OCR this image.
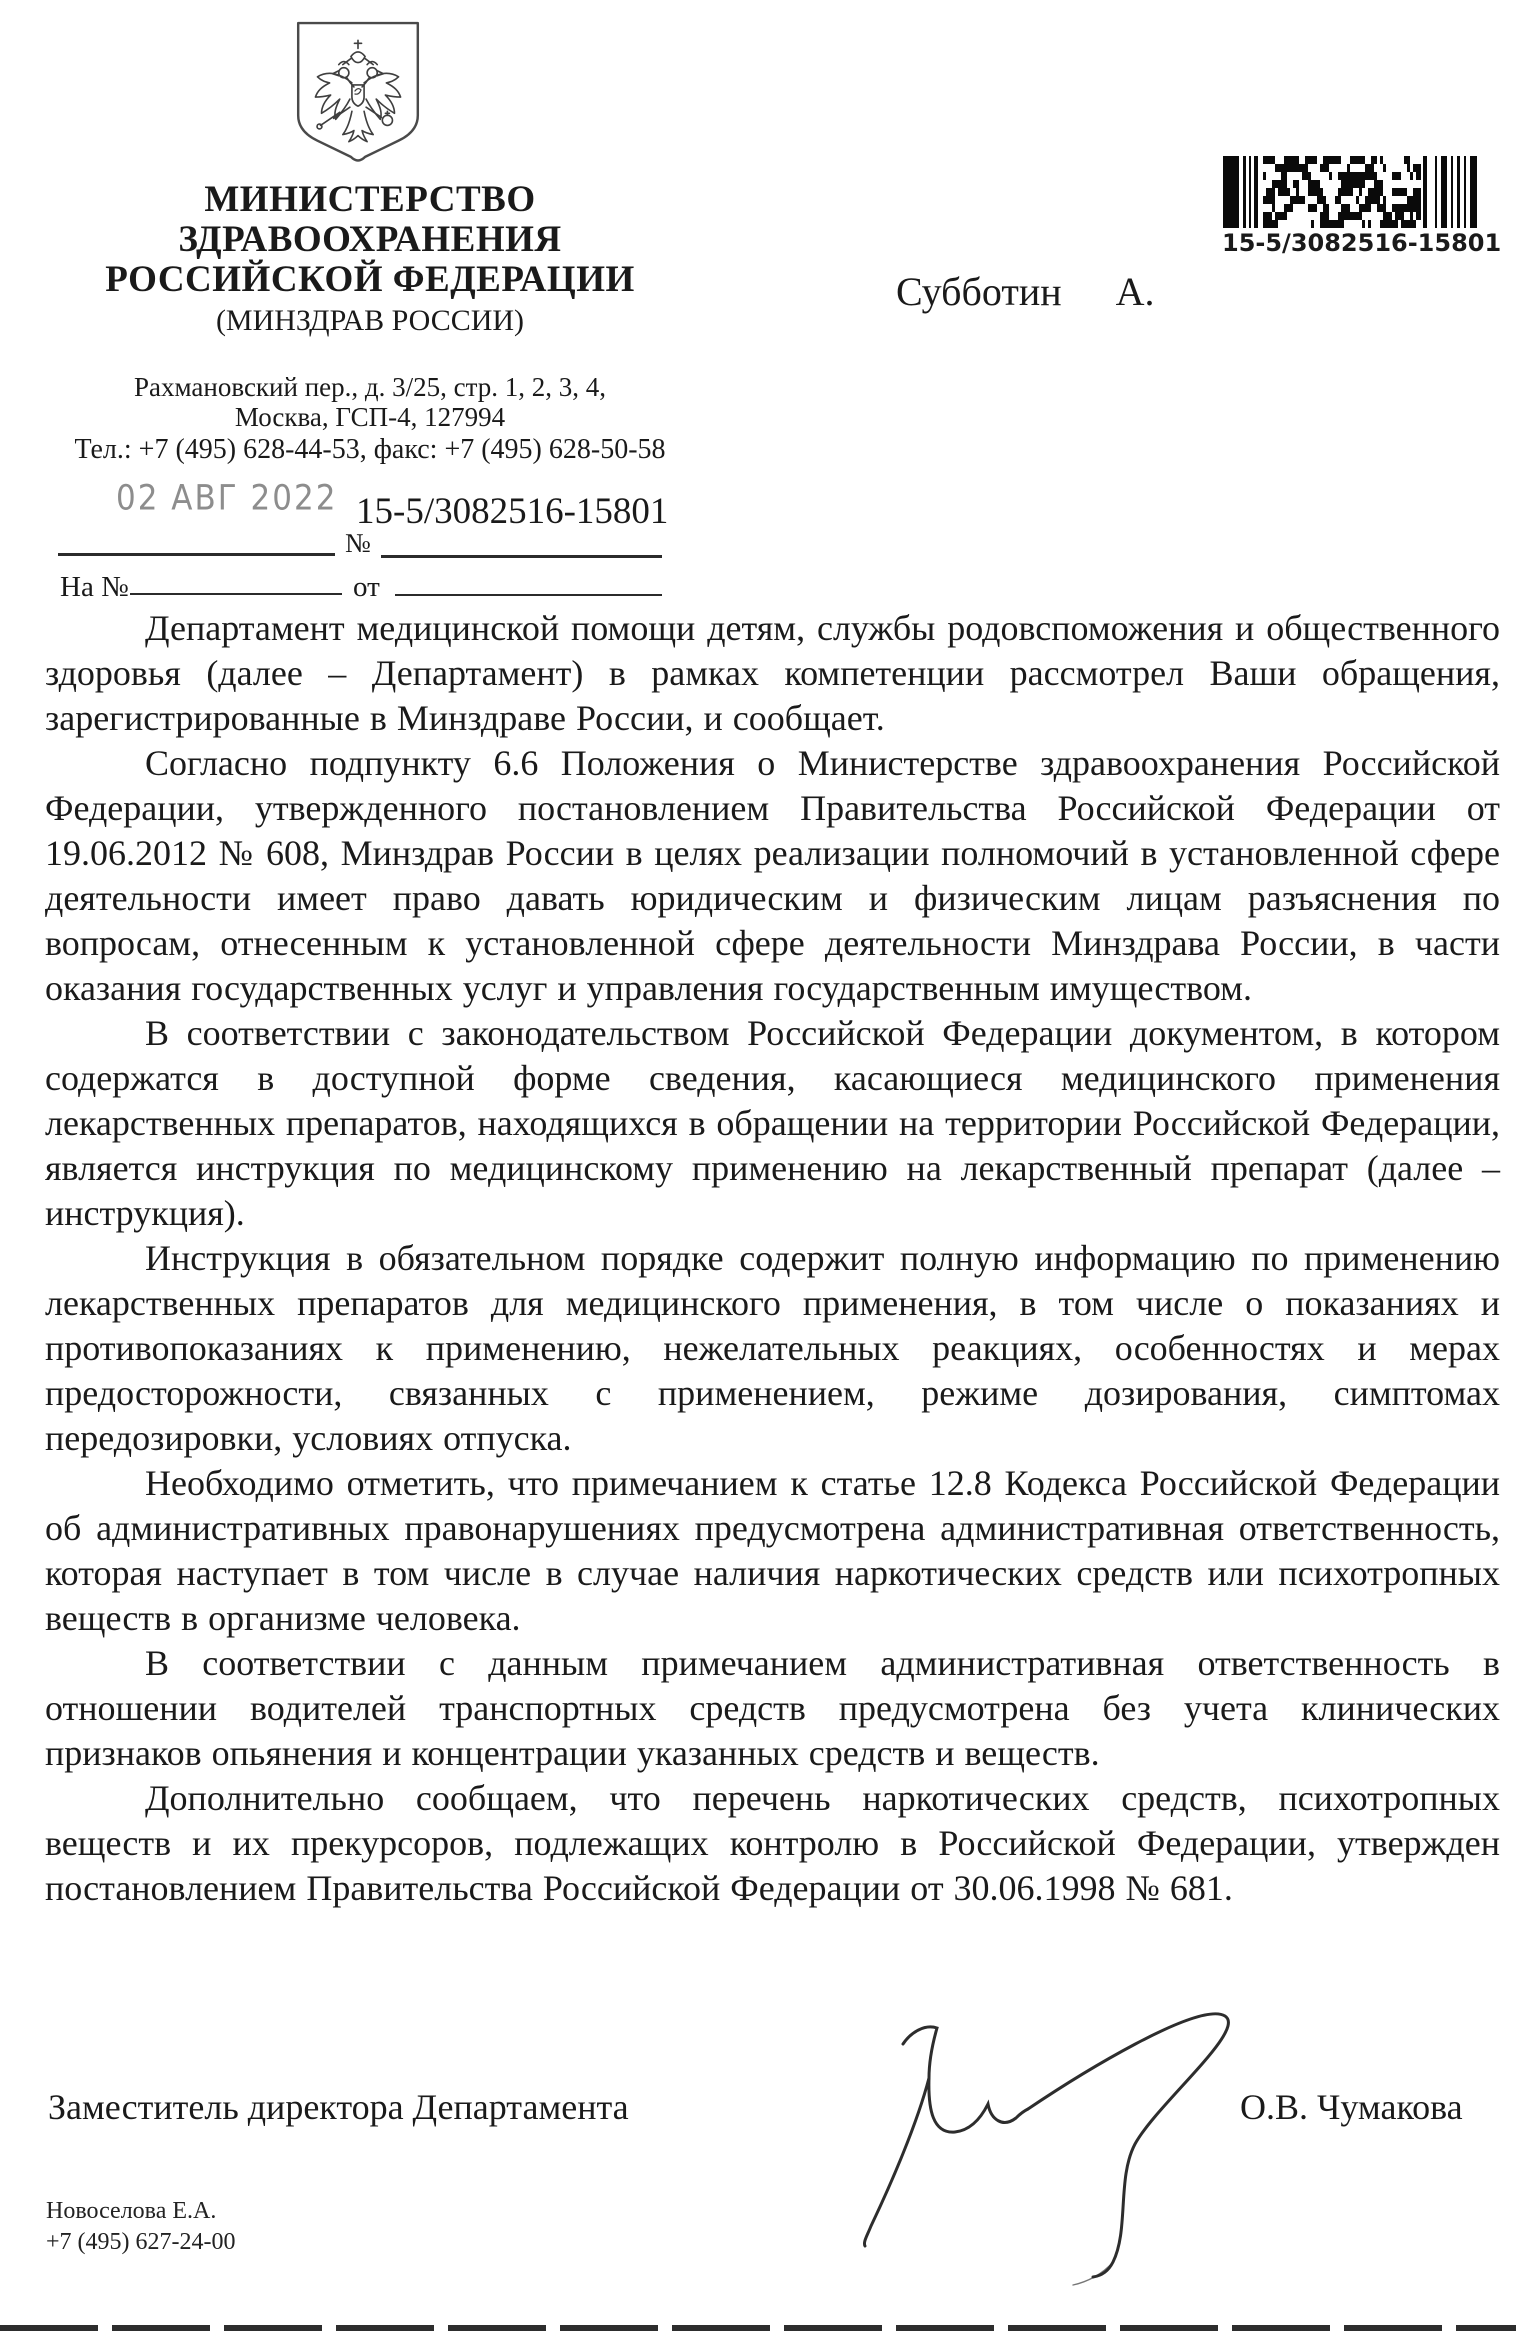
МИНИСТЕРСТВО
ЗДРАВООХРАНЕНИЯ
РОССИЙСКОЙ ФЕДЕРАЦИИ
(МИНЗДРАВ РОССИИ)
Рахмановский пер., д. 3/25, стр. 1, 2, 3, 4,
Москва, ГСП-4, 127994
Тел.: +7 (495) 628-44-53, факс: +7 (495) 628-50-58
02 АВГ 2022 15-5/3082516-15801
№
На №	от
15-5/3082516-15801
Субботин А.

Департамент медицинской помощи детям, службы родовспоможения и общественного здоровья (далее – Департамент) в рамках компетенции рассмотрел Ваши обращения, зарегистрированные в Минздраве России, и сообщает.

Согласно подпункту 6.6 Положения о Министерстве здравоохранения Российской Федерации, утвержденного постановлением Правительства Российской Федерации от 19.06.2012 № 608, Минздрав России в целях реализации полномочий в установленной сфере деятельности имеет право давать юридическим и физическим лицам разъяснения по вопросам, отнесенным к установленной сфере деятельности Минздрава России, в части оказания государственных услуг и управления государственным имуществом.

В соответствии с законодательством Российской Федерации документом, в котором содержатся в доступной форме сведения, касающиеся медицинского применения лекарственных препаратов, находящихся в обращении на территории Российской Федерации, является инструкция по медицинскому применению на лекарственный препарат (далее – инструкция).

Инструкция в обязательном порядке содержит полную информацию по применению лекарственных препаратов для медицинского применения, в том числе о показаниях и противопоказаниях к применению, нежелательных реакциях, особенностях и мерах предосторожности, связанных с применением, режиме дозирования, симптомах передозировки, условиях отпуска.

Необходимо отметить, что примечанием к статье 12.8 Кодекса Российской Федерации об административных правонарушениях предусмотрена административная ответственность, которая наступает в том числе в случае наличия наркотических средств или психотропных веществ в организме человека.

В соответствии с данным примечанием административная ответственность в отношении водителей транспортных средств предусмотрена без учета клинических признаков опьянения и концентрации указанных средств и веществ.

Дополнительно сообщаем, что перечень наркотических средств, психотропных веществ и их прекурсоров, подлежащих контролю в Российской Федерации, утвержден постановлением Правительства Российской Федерации от 30.06.1998 № 681.

Заместитель директора Департамента	О.В. Чумакова
Новоселова Е.А.
+7 (495) 627-24-00
